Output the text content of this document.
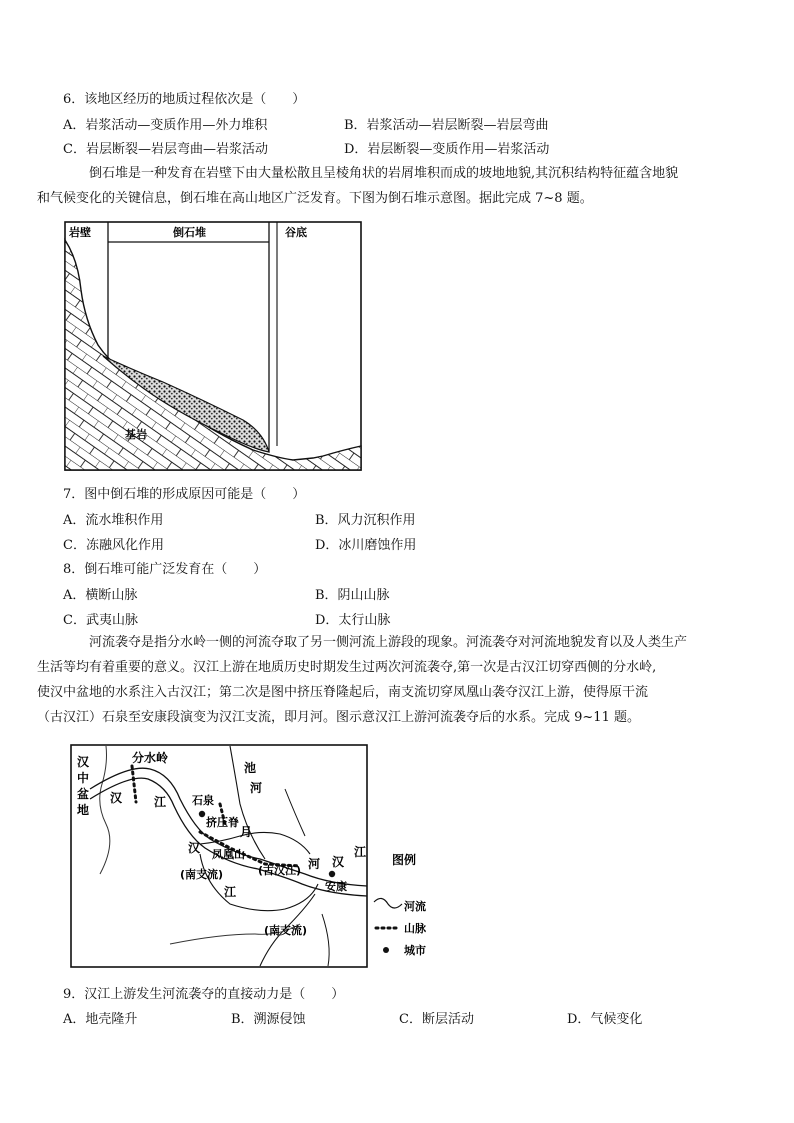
6．该地区经历的地质过程依次是（　　）
A．岩浆活动—变质作用—外力堆积	B．岩浆活动—岩层断裂—岩层弯曲
C．岩层断裂—岩层弯曲—岩浆活动	D．岩层断裂—变质作用—岩浆活动
倒石堆是一种发育在岩壁下由大量松散且呈棱角状的岩屑堆积而成的坡地地貌,其沉积结构特征蕴含地貌
和气候变化的关键信息，倒石堆在高山地区广泛发育。下图为倒石堆示意图。据此完成 7~8 题。
岩壁	倒石堆	谷底
基岩
7．图中倒石堆的形成原因可能是（　　）
A．流水堆积作用	B．风力沉积作用
C．冻融风化作用	D．冰川磨蚀作用
8．倒石堆可能广泛发育在（　　）
A．横断山脉	B．阴山山脉
C．武夷山脉	D．太行山脉
河流袭夺是指分水岭一侧的河流夺取了另一侧河流上游段的现象。河流袭夺对河流地貌发育以及人类生产
生活等均有着重要的意义。汉江上游在地质历史时期发生过两次河流袭夺,第一次是古汉江切穿西侧的分水岭,
使汉中盆地的水系注入古汉江；第二次是图中挤压脊隆起后，南支流切穿凤凰山袭夺汉江上游，使得原干流
（古汉江）石泉至安康段演变为汉江支流，即月河。图示意汉江上游河流袭夺后的水系。完成 9~11 题。
汉
中
盆
地
分水岭
汉	江 石泉
池
河
挤压脊
月
汉 凤凰山
(南支流)	(古汉江) 河 汉
江
安康
江
(南支流)
图例
河流
山脉
城市
9．汉江上游发生河流袭夺的直接动力是（　　）
A．地壳隆升	B．溯源侵蚀	C．断层活动	D．气候变化
